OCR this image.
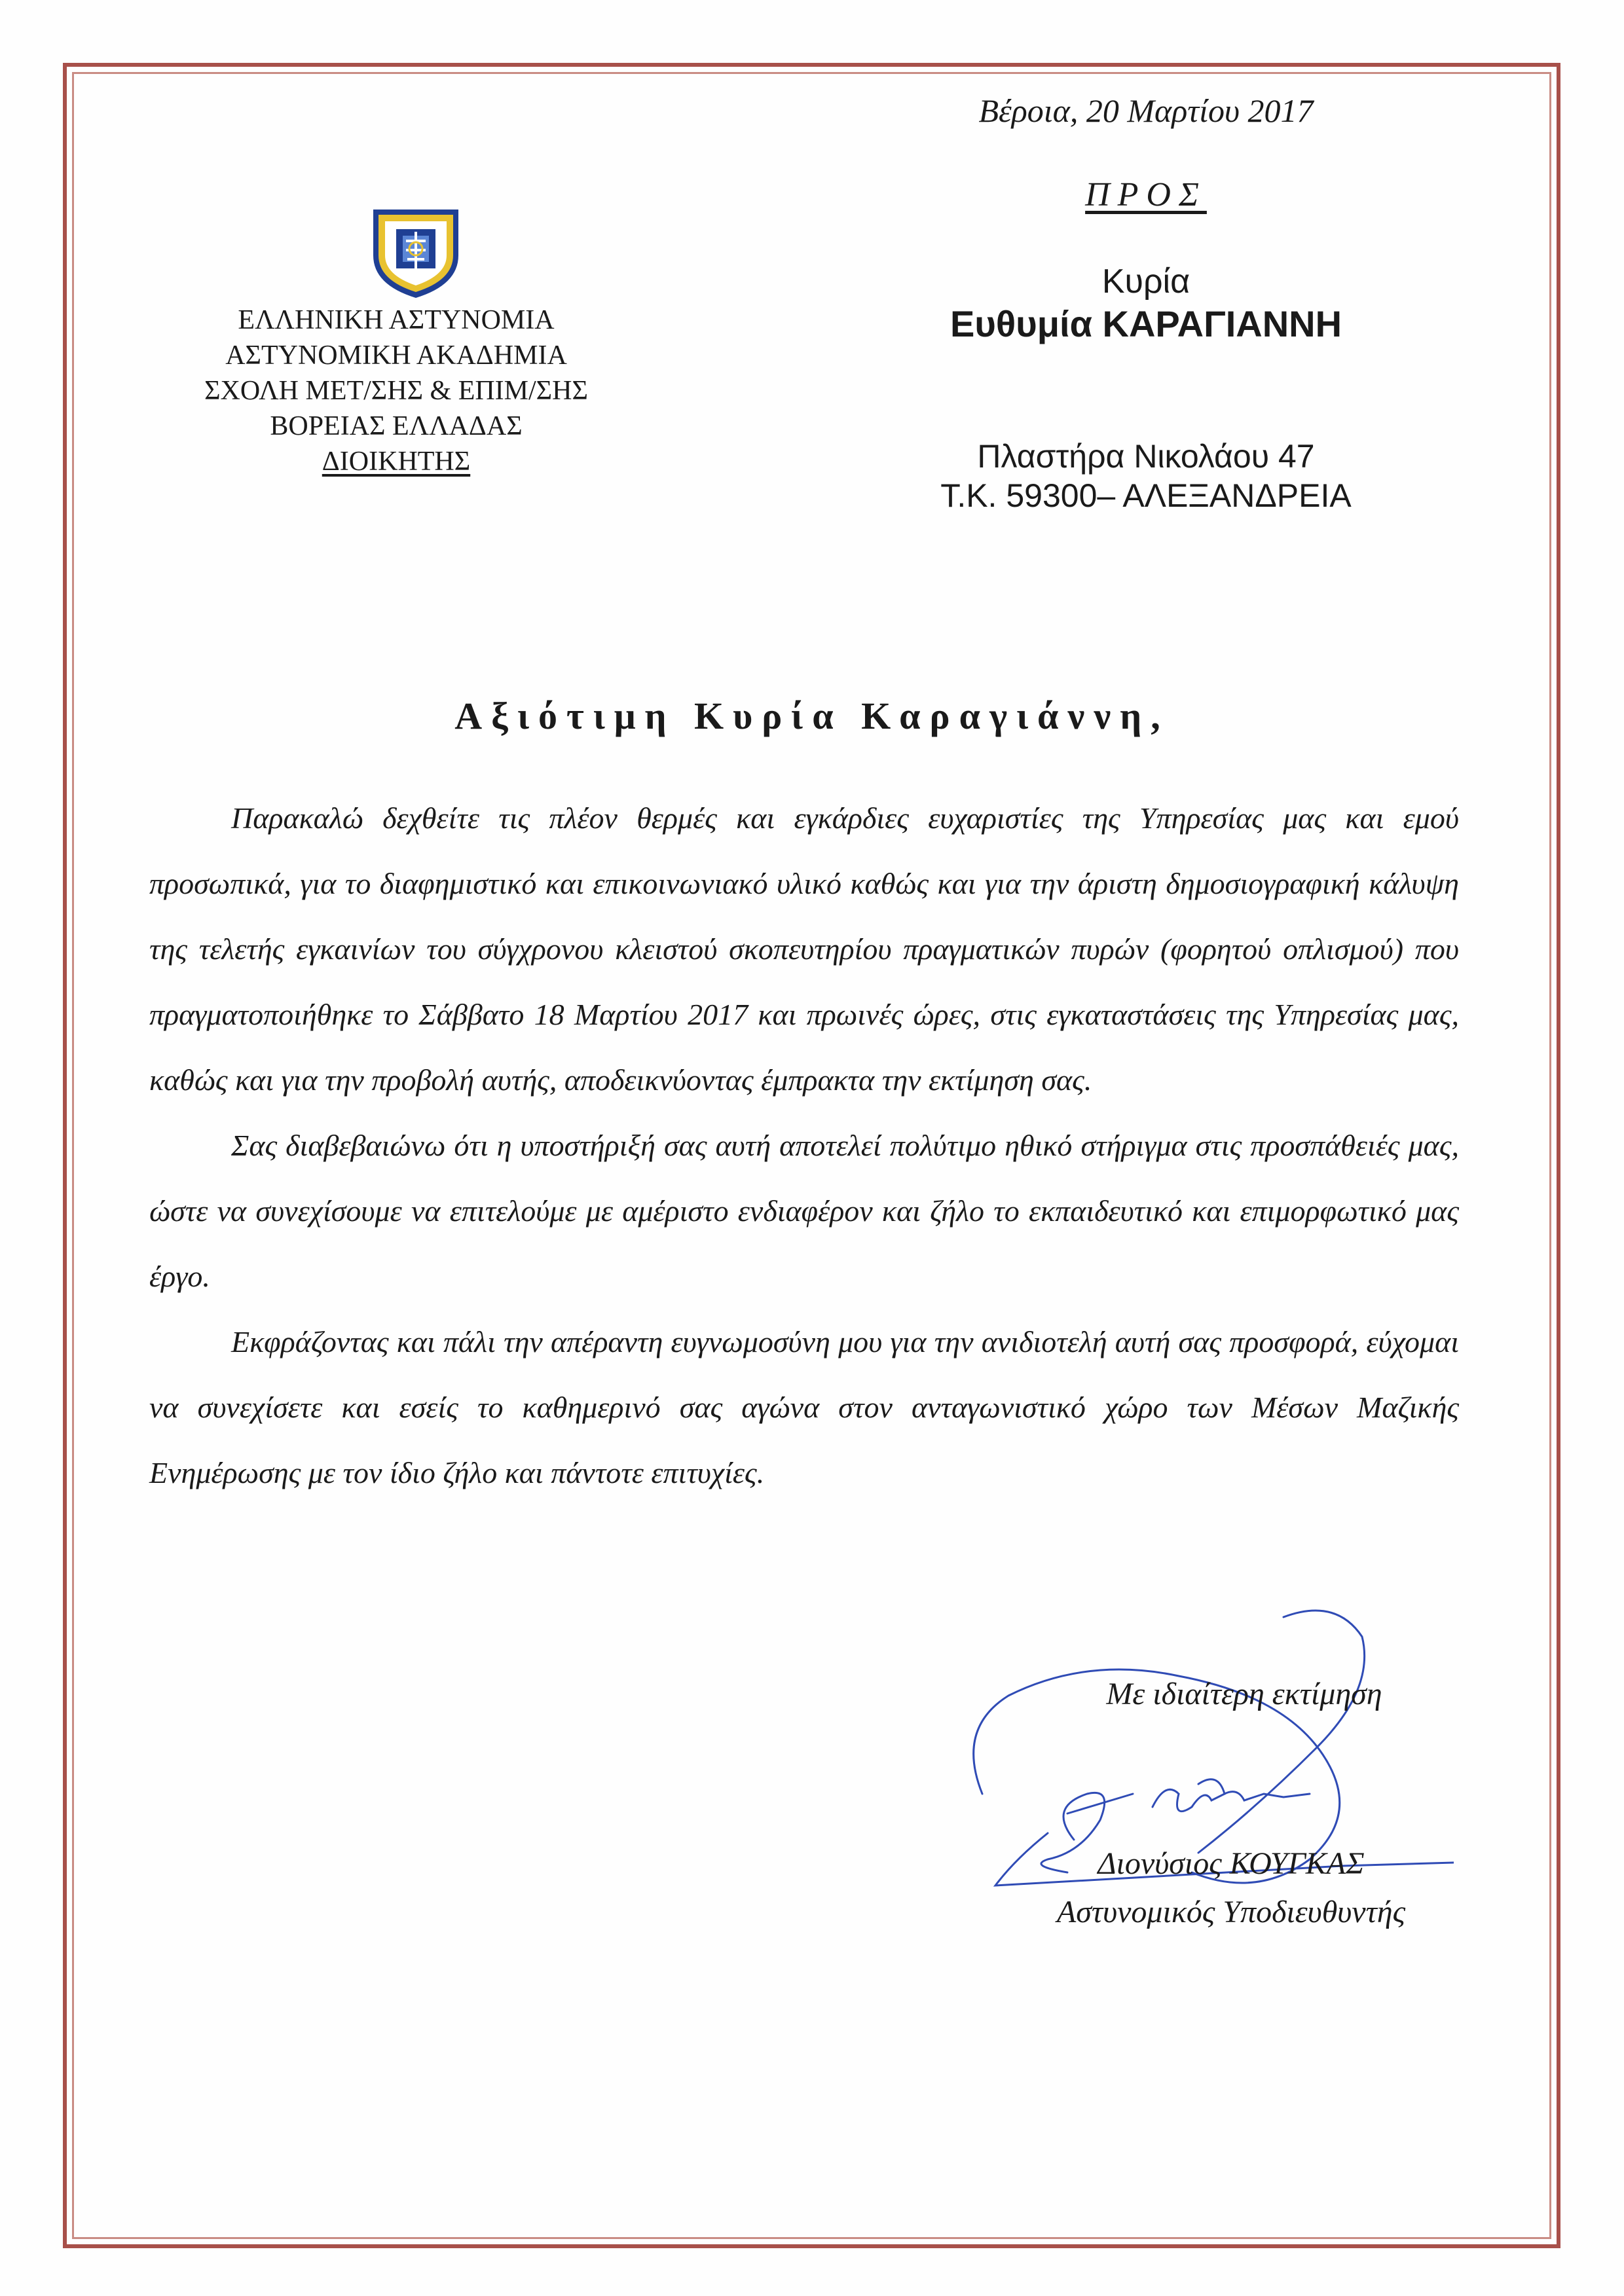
Βέροια, 20 Μαρτίου 2017
ΠΡΟΣ
Κυρία
Ευθυμία ΚΑΡΑΓΙΑΝΝΗ
Πλαστήρα Νικολάου 47
Τ.Κ. 59300– ΑΛΕΞΑΝΔΡΕΙΑ
ΕΛΛΗΝΙΚΗ ΑΣΤΥΝΟΜΙΑ
ΑΣΤΥΝΟΜΙΚΗ ΑΚΑΔΗΜΙΑ
ΣΧΟΛΗ ΜΕΤ/ΣΗΣ & ΕΠΙΜ/ΣΗΣ
ΒΟΡΕΙΑΣ ΕΛΛΑΔΑΣ
ΔΙΟΙΚΗΤΗΣ
Αξιότιμη Κυρία Καραγιάννη,

Παρακαλώ δεχθείτε τις πλέον θερμές και εγκάρδιες ευχαριστίες της Υπηρεσίας μας και εμού προσωπικά, για το διαφημιστικό και επικοινωνιακό υλικό καθώς και για την άριστη δημοσιογραφική κάλυψη της τελετής εγκαινίων του σύγχρονου κλειστού σκοπευτηρίου πραγματικών πυρών (φορητού οπλισμού) που πραγματοποιήθηκε το Σάββατο 18 Μαρτίου 2017 και πρωινές ώρες, στις εγκαταστάσεις της Υπηρεσίας μας, καθώς και για την προβολή αυτής, αποδεικνύοντας έμπρακτα την εκτίμηση σας.

Σας διαβεβαιώνω ότι η υποστήριξή σας αυτή αποτελεί πολύτιμο ηθικό στήριγμα στις προσπάθειές μας, ώστε να συνεχίσουμε να επιτελούμε με αμέριστο ενδιαφέρον και ζήλο το εκπαιδευτικό και επιμορφωτικό μας έργο.

Εκφράζοντας και πάλι την απέραντη ευγνωμοσύνη μου για την ανιδιοτελή αυτή σας προσφορά, εύχομαι να συνεχίσετε και εσείς το καθημερινό σας αγώνα στον ανταγωνιστικό χώρο των Μέσων Μαζικής Ενημέρωσης με τον ίδιο ζήλο και πάντοτε επιτυχίες.

Με ιδιαίτερη εκτίμηση
Διονύσιος ΚΟΥΓΚΑΣ
Αστυνομικός Υποδιευθυντής
